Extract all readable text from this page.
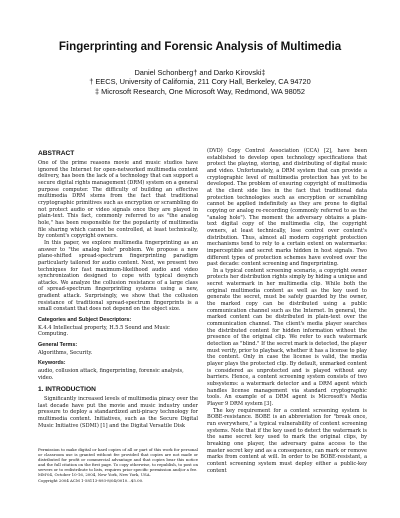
Fingerprinting and Forensic Analysis of Multimedia
Daniel Schonberg† and Darko Kirovski‡
† EECS, University of California, 211 Cory Hall, Berkeley, CA 94720
‡ Microsoft Research, One Microsoft Way, Redmond, WA 98052
ABSTRACT

One of the prime reasons movie and music studios have ignored the Internet for open-networked multimedia content delivery, has been the lack of a technology that can support a secure digital rights management (DRM) system on a general purpose computer. The difficulty of building an effective multimedia DRM stems from the fact that traditional cryptographic primitives such as encryption or scrambling do not protect audio or video signals once they are played in plain-text. This fact, commonly referred to as "the analog hole," has been responsible for the popularity of multimedia file sharing which cannot be controlled, at least technically, by content's copyright owners.

In this paper, we explore multimedia fingerprinting as an answer to "the analog hole" problem. We propose a new plane-shifted spread-spectrum fingerprinting paradigm particularly tailored for audio content. Next, we present two techniques for fast maximum-likelihood audio and video synchronization designed to cope with typical desynch attacks. We analyze the collusion resistance of a large class of spread-spectrum fingerprinting systems using a new, gradient attack. Surprisingly, we show that the collusion resistance of traditional spread-spectrum fingerprints is a small constant that does not depend on the object size.

Categories and Subject Descriptors:

K.4.4 Intellectual property, H.5.5 Sound and Music Computing.

General Terms:

Algorithms, Security.

Keywords:

audio, collusion attack, fingerprinting, forensic analysis, video.

1. INTRODUCTION

Significantly increased levels of multimedia piracy over the last decade have put the movie and music industry under pressure to deploy a standardized anti-piracy technology for multimedia content. Initiatives, such as the Secure Digital Music Initiative (SDMI) [1] and the Digital Versatile Disk

Permission to make digital or hard copies of all or part of this work for personal or classroom use is granted without fee provided that copies are not made or distributed for profit or commercial advantage and that copies bear this notice and the full citation on the first page. To copy otherwise, to republish, to post on servers or to redistribute to lists, requires prior specific permission and/or a fee.
MM'04, October 10-16, 2004, New York, New York, USA.
Copyright 2004 ACM 1-58113-893-8/04/0010...$5.00.

(DVD) Copy Control Association (CCA) [2], have been established to develop open technology specifications that protect the playing, storing, and distributing of digital music and video. Unfortunately, a DRM system that can provide a cryptographic level of multimedia protection has yet to be developed. The problem of ensuring copyright of multimedia at the client side lies in the fact that traditional data protection technologies such as encryption or scrambling cannot be applied indefinitely as they are prone to digital copying or analog re-recording (commonly referred to as the "analog hole"). The moment the adversary obtains a plain-text digital copy of the multimedia clip, the copyright owners, at least technically, lose control over content's distribution. Thus, almost all modern copyright protection mechanisms tend to rely to a certain extent on watermarks: imperceptible and secret marks hidden in host signals. Two different types of protection schemes have evolved over the past decade: content screening and fingerprinting.

In a typical content screening scenario, a copyright owner protects her distribution rights simply by hiding a unique and secret watermark in her multimedia clip. While both the original multimedia content as well as the key used to generate the secret, must be safely guarded by the owner, the marked copy can be distributed using a public communication channel such as the Internet. In general, the marked content can be distributed in plain-text over the communication channel. The client's media player searches the distributed content for hidden information without the presence of the original clip. We refer to such watermark detection as "blind." If the secret mark is detected, the player must verify, prior to playback, whether it has a license to play the content. Only in case the license is valid, the media player plays the protected clip. By default, unmarked content is considered as unprotected and is played without any barriers. Hence, a content screening system consists of two subsystems: a watermark detector and a DRM agent which handles license management via standard cryptographic tools. An example of a DRM agent is Microsoft's Media Player 9 DRM system [3].

The key requirement for a content screening system is BOBE-resistance. BOBE is an abbreviation for "break once, run everywhere," a typical vulnerability of content screening systems. Note that if the key used to detect the watermark is the same secret key used to mark the original clips, by breaking one player, the adversary gains access to the master secret key and as a consequence, can mark or remove marks from content at will. In order to be BOBE-resistant, a content screening system must deploy either a public-key content
